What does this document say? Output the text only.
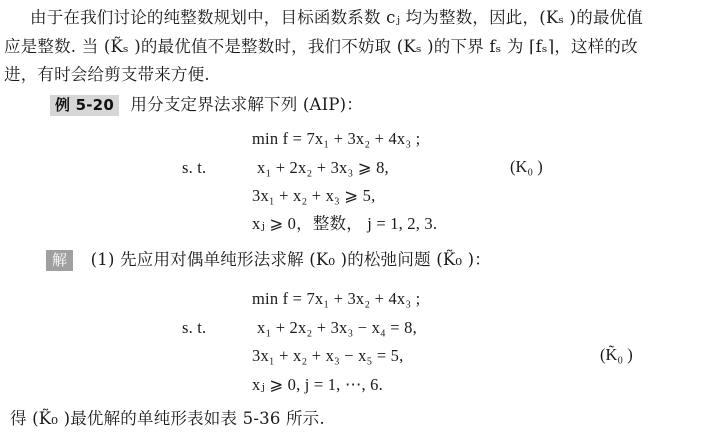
由于在我们讨论的纯整数规划中，目标函数系数 cⱼ 均为整数，因此，(Kₛ )的最优值
应是整数. 当 (K̃ₛ )的最优值不是整数时，我们不妨取 (Kₛ )的下界 fₛ 为 ⌈fₛ⌉，这样的改
进，有时会给剪支带来方便.
例 5-20 用分支定界法求解下列 (AIP)：
min f = 7x₁ + 3x₂ + 4x₃ ;
s. t.	x₁ + 2x₂ + 3x₃ ⩾ 8,
3x₁ + x₂ + x₃ ⩾ 5,
xⱼ ⩾ 0，整数， j = 1, 2, 3.
(K₀ )
解 (1) 先应用对偶单纯形法求解 (K₀ )的松弛问题 (K̃₀ )：
min f = 7x₁ + 3x₂ + 4x₃ ;
s. t.	x₁ + 2x₂ + 3x₃ − x₄ = 8,
3x₁ + x₂ + x₃ − x₅ = 5,
xⱼ ⩾ 0, j = 1, ⋯, 6.
(K̃₀ )
得 (K̃₀ )最优解的单纯形表如表 5-36 所示.
